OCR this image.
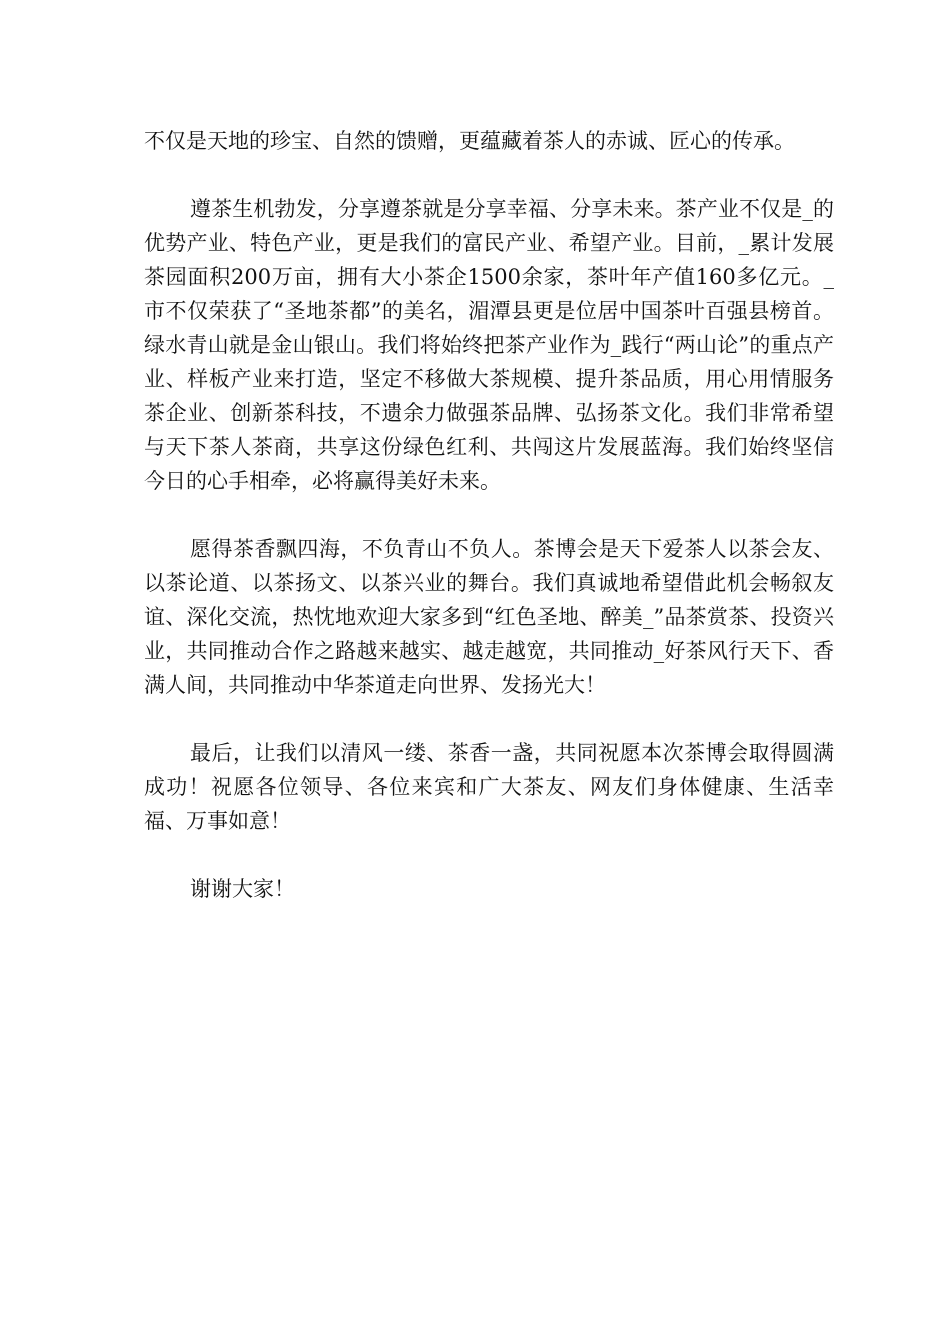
不仅是天地的珍宝、自然的馈赠，更蕴藏着茶人的赤诚、匠心的传承。

遵茶生机勃发，分享遵茶就是分享幸福、分享未来。茶产业不仅是_的优势产业、特色产业，更是我们的富民产业、希望产业。目前，_累计发展茶园面积200万亩，拥有大小茶企1500余家，茶叶年产值160多亿元。_市不仅荣获了“圣地茶都”的美名，湄潭县更是位居中国茶叶百强县榜首。绿水青山就是金山银山。我们将始终把茶产业作为_践行“两山论”的重点产业、样板产业来打造，坚定不移做大茶规模、提升茶品质，用心用情服务茶企业、创新茶科技，不遗余力做强茶品牌、弘扬茶文化。我们非常希望与天下茶人茶商，共享这份绿色红利、共闯这片发展蓝海。我们始终坚信今日的心手相牵，必将赢得美好未来。

愿得茶香飘四海，不负青山不负人。茶博会是天下爱茶人以茶会友、以茶论道、以茶扬文、以茶兴业的舞台。我们真诚地希望借此机会畅叙友谊、深化交流，热忱地欢迎大家多到“红色圣地、醉美_”品茶赏茶、投资兴业，共同推动合作之路越来越实、越走越宽，共同推动_好茶风行天下、香满人间，共同推动中华茶道走向世界、发扬光大！

最后，让我们以清风一缕、茶香一盏，共同祝愿本次茶博会取得圆满成功！祝愿各位领导、各位来宾和广大茶友、网友们身体健康、生活幸福、万事如意！

谢谢大家！
